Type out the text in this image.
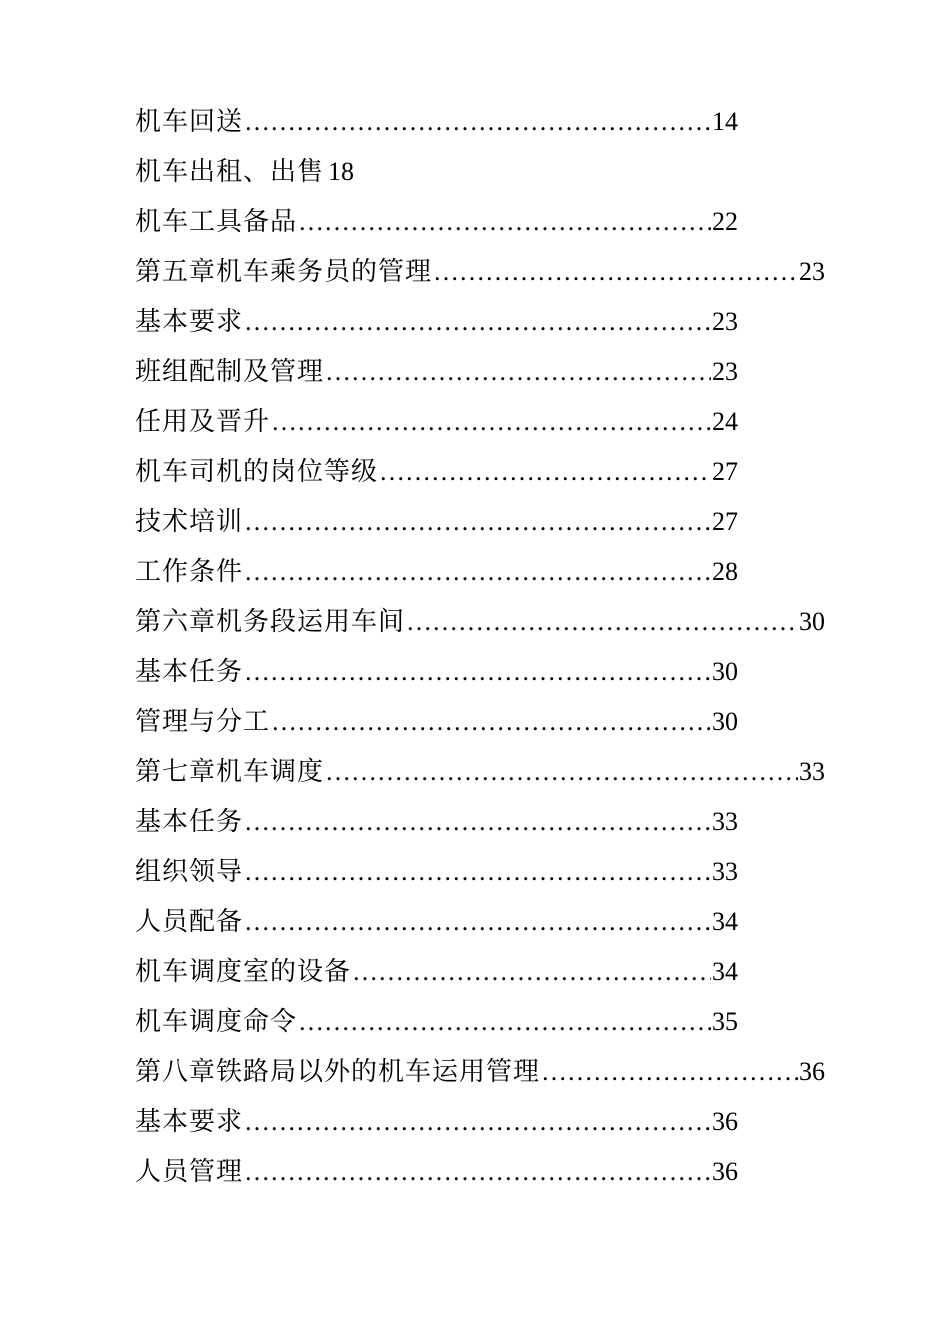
机车回送 ……………………………………………………………………………………………………………………………	14
机车出租、出售 18
机车工具备品 ……………………………………………………………………………………………………………………………	22
第五章机车乘务员的管理 ……………………………………………………………………………………………………………………………	23
基本要求 ……………………………………………………………………………………………………………………………	23
班组配制及管理 ……………………………………………………………………………………………………………………………	23
任用及晋升 ……………………………………………………………………………………………………………………………	24
机车司机的岗位等级 ……………………………………………………………………………………………………………………………	27
技术培训 ……………………………………………………………………………………………………………………………	27
工作条件 ……………………………………………………………………………………………………………………………	28
第六章机务段运用车间 ……………………………………………………………………………………………………………………………	30
基本任务 ……………………………………………………………………………………………………………………………	30
管理与分工 ……………………………………………………………………………………………………………………………	30
第七章机车调度 ……………………………………………………………………………………………………………………………	33
基本任务 ……………………………………………………………………………………………………………………………	33
组织领导 ……………………………………………………………………………………………………………………………	33
人员配备 ……………………………………………………………………………………………………………………………	34
机车调度室的设备 ……………………………………………………………………………………………………………………………	34
机车调度命令 ……………………………………………………………………………………………………………………………	35
第八章铁路局以外的机车运用管理 ……………………………………………………………………………………………………………………………	36
基本要求 ……………………………………………………………………………………………………………………………	36
人员管理 ……………………………………………………………………………………………………………………………	36
